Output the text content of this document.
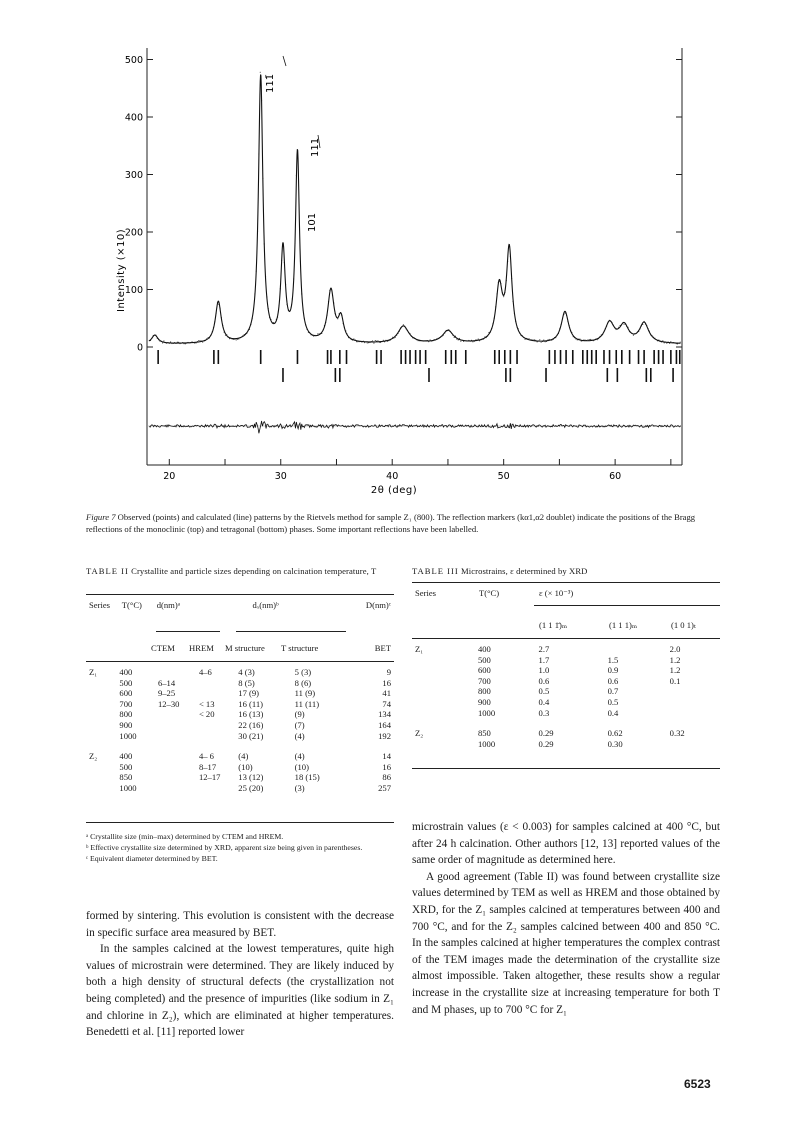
0
100
200
300
400
500
20	30	40	50	60
111̄
111
101
Intensity (×10)
2θ (deg)
Figure 7 Observed (points) and calculated (line) patterns by the Rietvels method for sample Z₁ (800). The reflection markers (kα1,α2 doublet) indicate the positions of the Bragg reflections of the monoclinic (top) and tetragonal (bottom) phases. Some important reflections have been labelled.
TABLE II Crystallite and particle sizes depending on calcination temperature, T
Series	T(°C)	d(nm)ᵃ		dₓ(nm)ᵇ	D(nm)ᶜ
	CTEM	HREM	M structure	T structure	BET
Z₁	400		4–6	4 (3)	5 (3)	9
	500	6–14		8 (5)	8 (6)	16
	600	9–25		17 (9)	11 (9)	41
	700	12–30	< 13	16 (11)	11 (11)	74
	800		< 20	16 (13)	(9)	134
	900			22 (16)	(7)	164
	1000			30 (21)	(4)	192

Z₂	400		4– 6	(4)	(4)	14
	500		8–17	(10)	(10)	16
	850		12–17	13 (12)	18 (15)	86
	1000			25 (20)	(3)	257
ᵃ Crystallite size (min–max) determined by CTEM and HREM.
ᵇ Effective crystallite size determined by XRD, apparent size being given in parentheses.
ᶜ Equivalent diameter determined by BET.
TABLE III Microstrains, ε determined by XRD
Series	T(°C)	ε (× 10⁻³)
	(1 1 1̄)ₘ	(1 1 1)ₘ	(1 0 1)ₜ
Z₁	400	2.7		2.0
	500	1.7	1.5	1.2
	600	1.0	0.9	1.2
	700	0.6	0.6	0.1
	800	0.5	0.7	
	900	0.4	0.5	
	1000	0.3	0.4	

Z₂	850	0.29	0.62	0.32
	1000	0.29	0.30	

formed by sintering. This evolution is consistent with the decrease in specific surface area measured by BET.

In the samples calcined at the lowest temperatures, quite high values of microstrain were determined. They are likely induced by both a high density of structural defects (the crystallization not being completed) and the presence of impurities (like sodium in Z₁ and chlorine in Z₂), which are eliminated at higher temperatures. Benedetti et al. [11] reported lower

microstrain values (ε < 0.003) for samples calcined at 400 °C, but after 24 h calcination. Other authors [12, 13] reported values of the same order of magnitude as determined here.

A good agreement (Table II) was found between crystallite size values determined by TEM as well as HREM and those obtained by XRD, for the Z₁ samples calcined at temperatures between 400 and 700 °C, and for the Z₂ samples calcined between 400 and 850 °C. In the samples calcined at higher temperatures the complex contrast of the TEM images made the determination of the crystallite size almost impossible. Taken altogether, these results show a regular increase in the crystallite size at increasing temperature for both T and M phases, up to 700 °C for Z₁

6523
